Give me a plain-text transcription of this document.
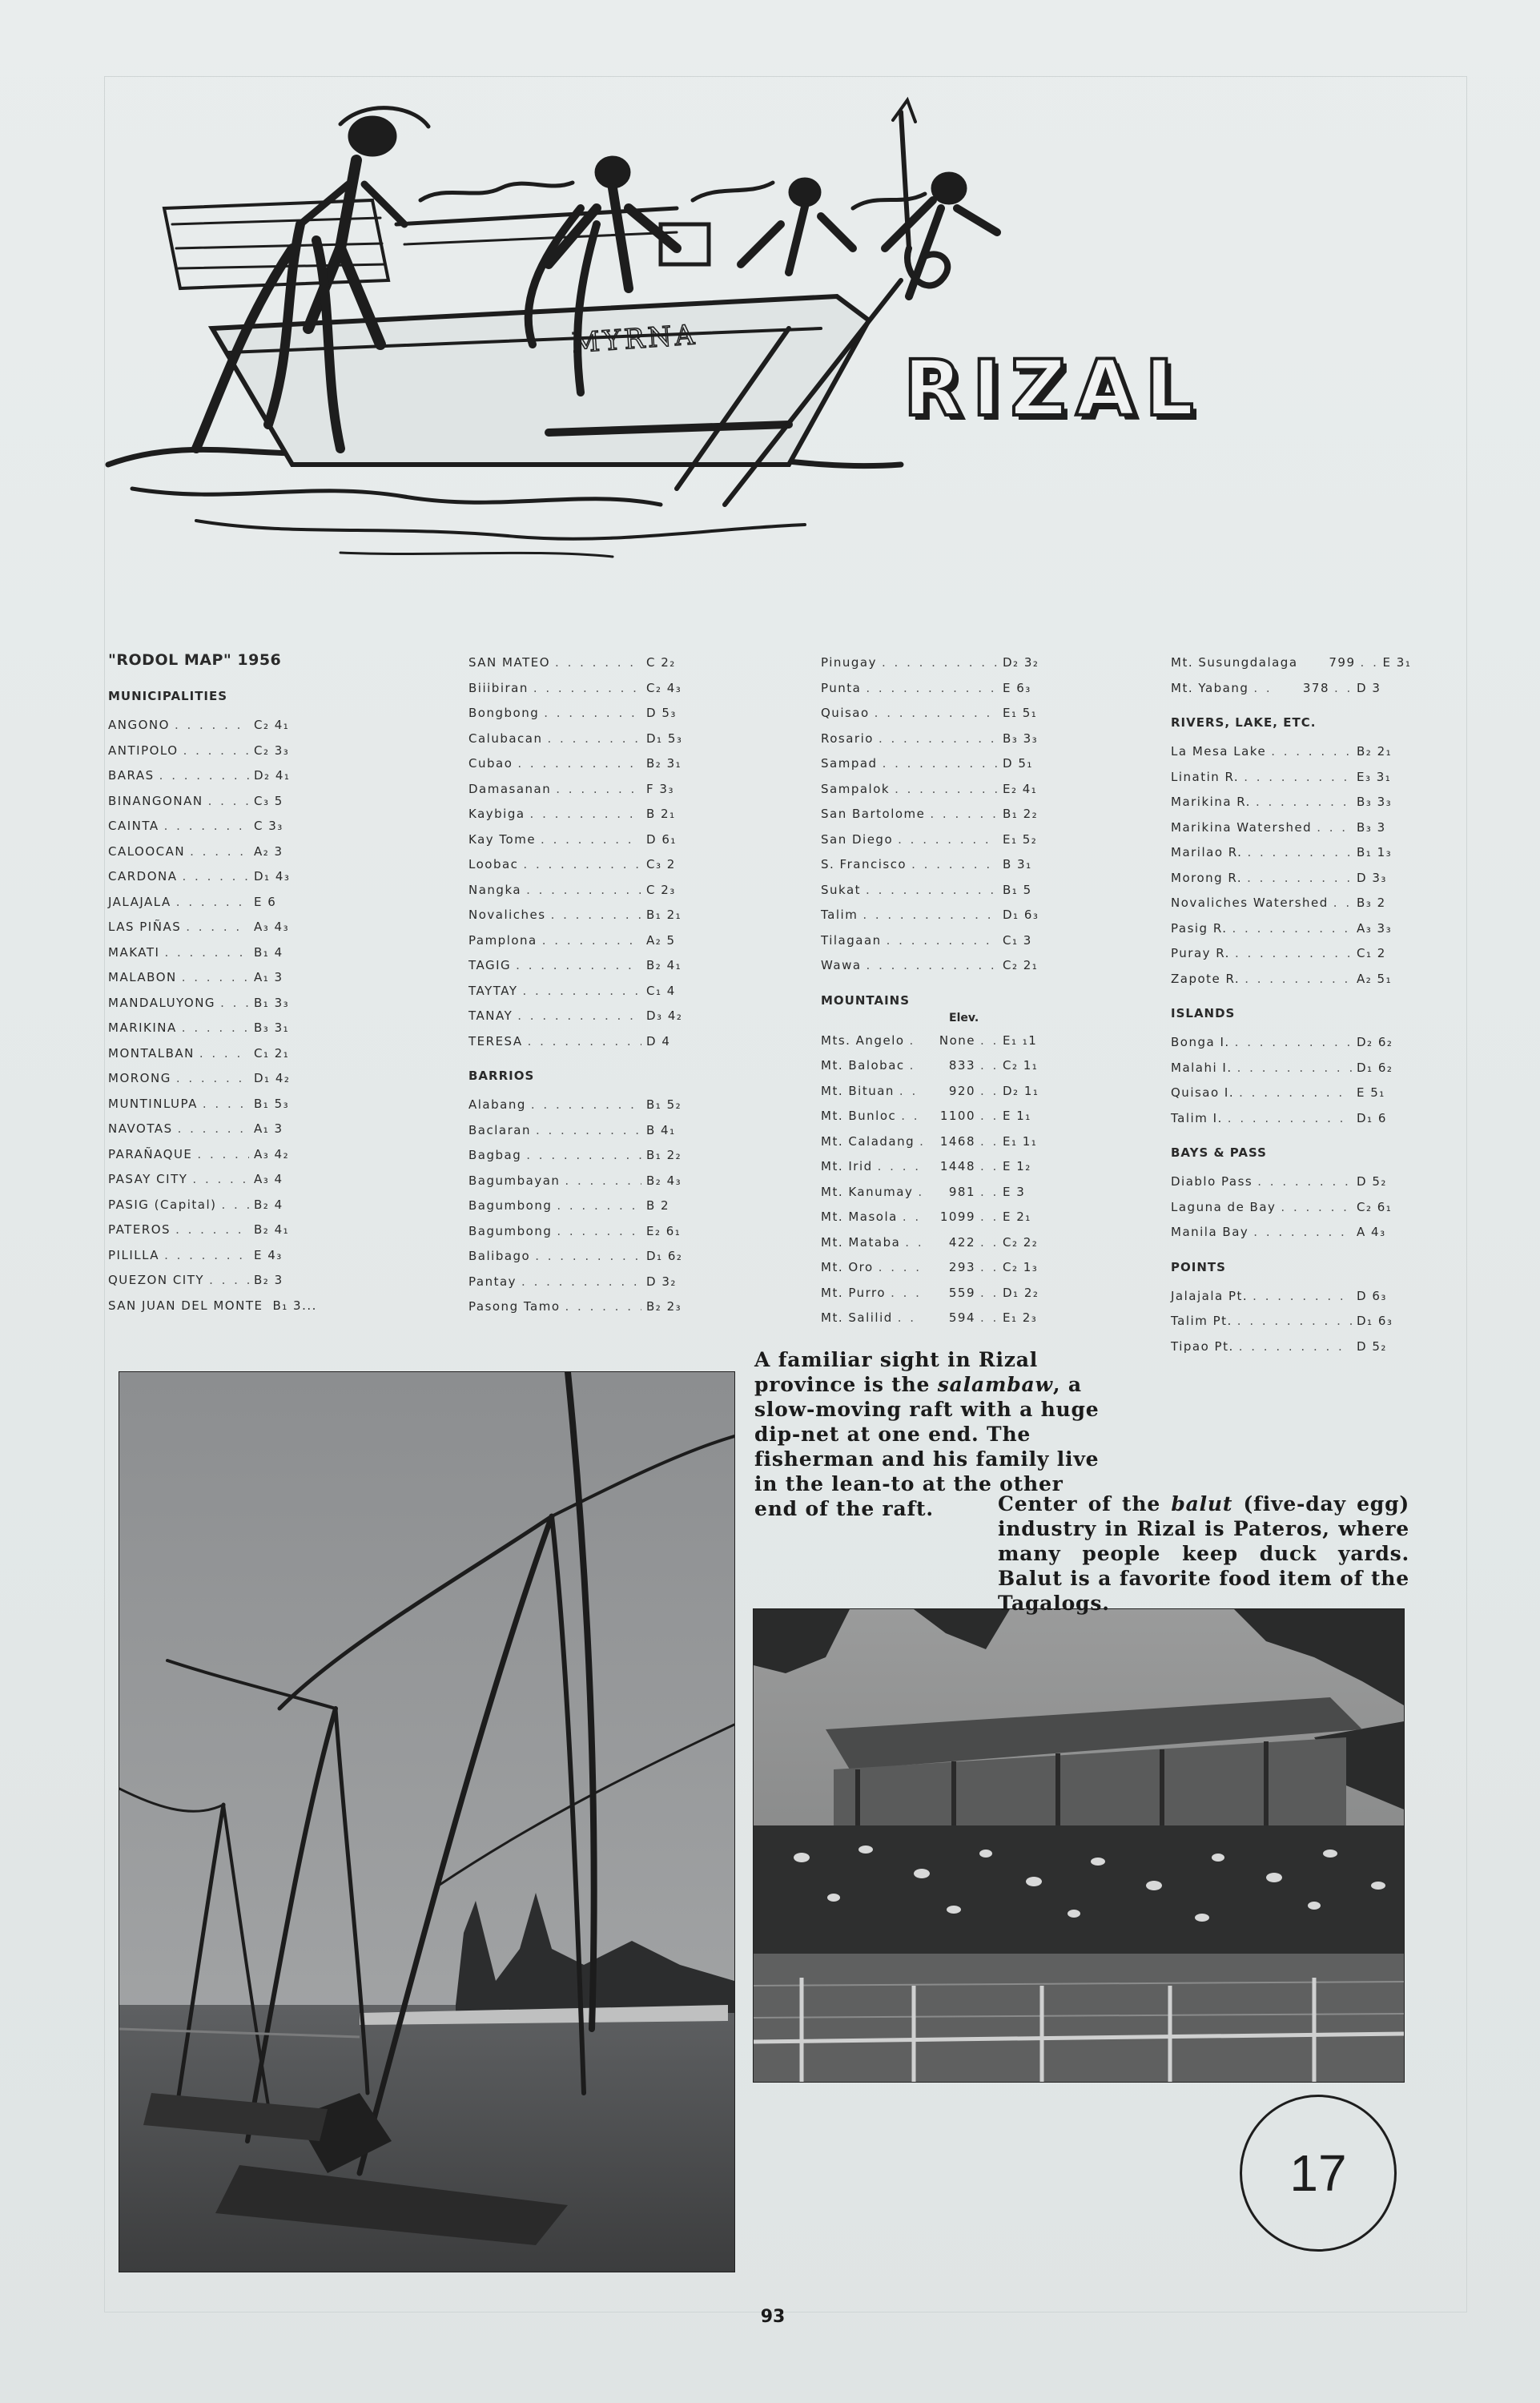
MYRNA
RIZAL
"RODOL MAP" 1956
MUNICIPALITIES
ANGONO . . .	C₂ 4₁
ANTIPOLO . . .	C₂ 3₃
BARAS . . .	D₂ 4₁
BINANGONAN . . .	C₃ 5
CAINTA . . .	C 3₃
CALOOCAN . . .	A₂ 3
CARDONA . . .	D₁ 4₃
JALAJALA . . .	E 6
LAS PIÑAS . . .	A₃ 4₃
MAKATI . . .	B₁ 4
MALABON . . .	A₁ 3
MANDALUYONG . . .	B₁ 3₃
MARIKINA . . .	B₃ 3₁
MONTALBAN . . .	C₁ 2₁
MORONG . . .	D₁ 4₂
MUNTINLUPA . . .	B₁ 5₃
NAVOTAS . . .	A₁ 3
PARAÑAQUE . . .	A₃ 4₂
PASAY CITY . . .	A₃ 4
PASIG (Capital) . . .	B₂ 4
PATEROS . . .	B₂ 4₁
PILILLA . . .	E 4₃
QUEZON CITY . . .	B₂ 3
SAN JUAN DEL MONTE B₁ 3...
SAN MATEO . . .	C 2₂
Biiibiran . . .	C₂ 4₃
Bongbong . . .	D 5₃
Calubacan . . .	D₁ 5₃
Cubao . . .	B₂ 3₁
Damasanan . . .	F 3₃
Kaybiga . . .	B 2₁
Kay Tome . . .	D 6₁
Loobac . . .	C₃ 2
Nangka . . .	C 2₃
Novaliches . . .	B₁ 2₁
Pamplona . . .	A₂ 5
TAGIG . . .	B₂ 4₁
TAYTAY . . .	C₁ 4
TANAY . . .	D₃ 4₂
TERESA . . .	D 4
BARRIOS
Alabang . . .	B₁ 5₂
Baclaran . . .	B 4₁
Bagbag . . .	B₁ 2₂
Bagumbayan . . .	B₂ 4₃
Bagumbong . . .	B 2
Bagumbong . . .	E₂ 6₁
Balibago . . .	D₁ 6₂
Pantay . . .	D 3₂
Pasong Tamo . . .	B₂ 2₃
Pinugay . . .	D₂ 3₂
Punta . . .	E 6₃
Quisao . . .	E₁ 5₁
Rosario . . .	B₃ 3₃
Sampad . . .	D 5₁
Sampalok . . .	E₂ 4₁
San Bartolome . . .	B₁ 2₂
San Diego . . .	E₁ 5₂
S. Francisco . . .	B 3₁
Sukat . . .	B₁ 5
Talim . . .	D₁ 6₃
Tilagaan . . .	C₁ 3
Wawa . . .	C₂ 2₁
MOUNTAINS
Elev.
Mts. Angelo . . .	None . . . E₁ ₁1
Mt. Balobac . . .	833 . . . C₂ 1₁
Mt. Bituan . . .	920 . . . D₂ 1₁
Mt. Bunloc . . .	1100 . . . E 1₁
Mt. Caladang . . .	1468 . . . E₁ 1₁
Mt. Irid . . .	1448 . . . E 1₂
Mt. Kanumay . . .	981 . . . E 3
Mt. Masola . . .	1099 . . . E 2₁
Mt. Mataba . . .	422 . . . C₂ 2₂
Mt. Oro . . .	293 . . . C₂ 1₃
Mt. Purro . . .	559 . . . D₁ 2₂
Mt. Salilid . . .	594 . . . E₁ 2₃
Mt. Susungdalaga	799 . . . E 3₁
Mt. Yabang . . .	378 . . . D 3
RIVERS, LAKE, ETC.
La Mesa Lake . . .	B₂ 2₁
Linatin R. . . .	E₃ 3₁
Marikina R. . . .	B₃ 3₃
Marikina Watershed . . .	B₃ 3
Marilao R. . . .	B₁ 1₃
Morong R. . . .	D 3₃
Novaliches Watershed . . . B₃ 2
Pasig R. . . .	A₃ 3₃
Puray R. . . .	C₁ 2
Zapote R. . . .	A₂ 5₁
ISLANDS
Bonga I. . . .	D₂ 6₂
Malahi I. . . .	D₁ 6₂
Quisao I. . . .	E 5₁
Talim I. . . .	D₁ 6
BAYS & PASS
Diablo Pass . . .	D 5₂
Laguna de Bay . . .	C₂ 6₁
Manila Bay . . .	A 4₃
POINTS
Jalajala Pt. . . .	D 6₃
Talim Pt. . . .	D₁ 6₃
Tipao Pt. . . .	D 5₂
A familiar sight in Rizal province is the salambaw, a slow-moving raft with a huge dip-net at one end. The fisherman and his family live in the lean-to at the other end of the raft.	Center of the balut (five-day egg) industry in Rizal is Pateros, where many people keep duck yards. Balut is a favorite food item of the Tagalogs.
17
93
